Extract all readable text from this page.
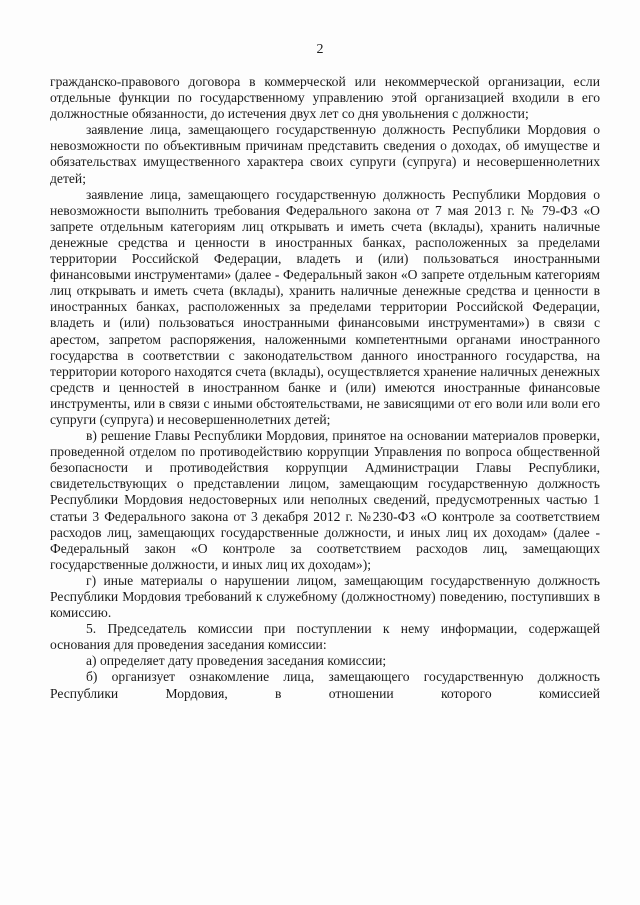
2

гражданско-правового договора в коммерческой или некоммерческой организации, если отдельные функции по государственному управлению этой организацией входили в его должностные обязанности, до истечения двух лет со дня увольнения с должности;

заявление лица, замещающего государственную должность Республики Мордовия о невозможности по объективным причинам представить сведения о доходах, об имуществе и обязательствах имущественного характера своих супруги (супруга) и несовершеннолетних детей;

заявление лица, замещающего государственную должность Республики Мордовия о невозможности выполнить требования Федерального закона от 7 мая 2013 г. № 79-ФЗ «О запрете отдельным категориям лиц открывать и иметь счета (вклады), хранить наличные денежные средства и ценности в иностранных банках, расположенных за пределами территории Российской Федерации, владеть и (или) пользоваться иностранными финансовыми инструментами» (далее - Федеральный закон «О запрете отдельным категориям лиц открывать и иметь счета (вклады), хранить наличные денежные средства и ценности в иностранных банках, расположенных за пределами территории Российской Федерации, владеть и (или) пользоваться иностранными финансовыми инструментами») в связи с арестом, запретом распоряжения, наложенными компетентными органами иностранного государства в соответствии с законодательством данного иностранного государства, на территории которого находятся счета (вклады), осуществляется хранение наличных денежных средств и ценностей в иностранном банке и (или) имеются иностранные финансовые инструменты, или в связи с иными обстоятельствами, не зависящими от его воли или воли его супруги (супруга) и несовершеннолетних детей;

в) решение Главы Республики Мордовия, принятое на основании материалов проверки, проведенной отделом по противодействию коррупции Управления по вопроса общественной безопасности и противодействия коррупции Администрации Главы Республики, свидетельствующих о представлении лицом, замещающим государственную должность Республики Мордовия недостоверных или неполных сведений, предусмотренных частью 1 статьи 3 Федерального закона от 3 декабря 2012 г. №230-ФЗ «О контроле за соответствием расходов лиц, замещающих государственные должности, и иных лиц их доходам» (далее - Федеральный закон «О контроле за соответствием расходов лиц, замещающих государственные должности, и иных лиц их доходам»);

г) иные материалы о нарушении лицом, замещающим государственную должность Республики Мордовия требований к служебному (должностному) поведению, поступивших в комиссию.

5. Председатель комиссии при поступлении к нему информации, содержащей основания для проведения заседания комиссии:

а) определяет дату проведения заседания комиссии;

б) организует ознакомление лица, замещающего государственную должность Республики Мордовия, в отношении которого комиссией
